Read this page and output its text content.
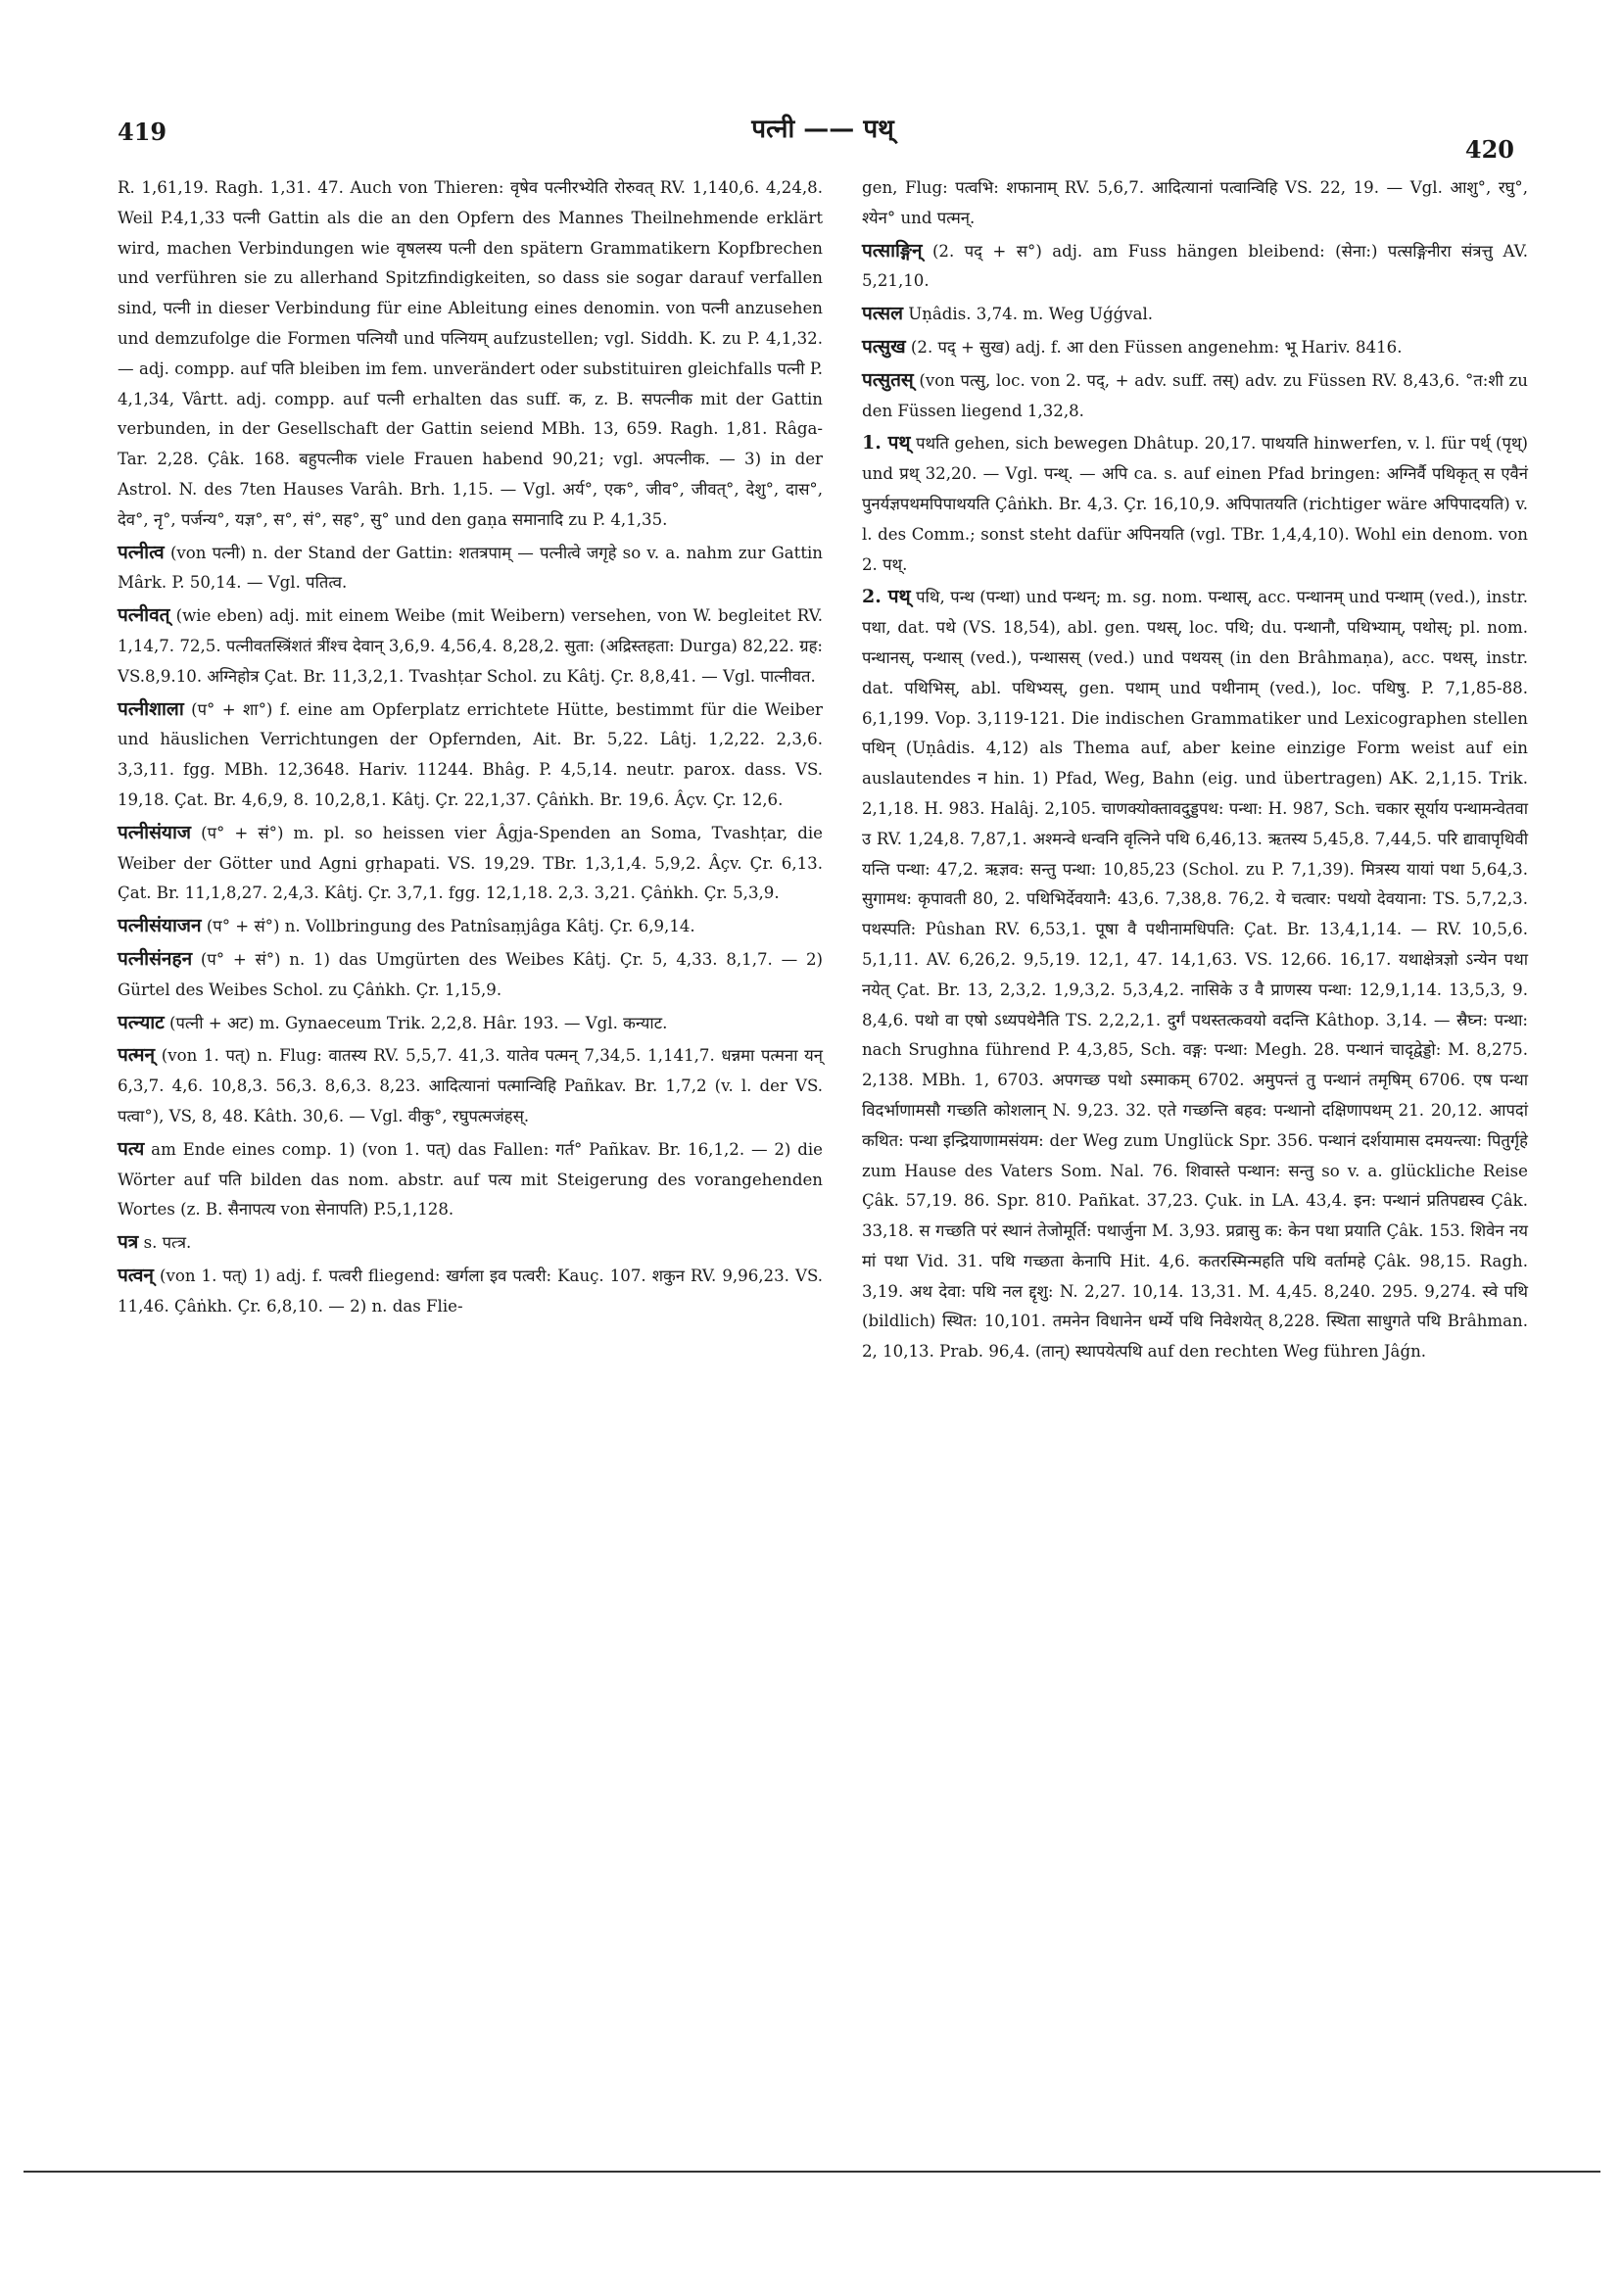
419	पत्नी —— पथ्
420

R. 1,61,19. Ragh. 1,31. 47. Auch von Thieren: वृषेव पत्नीरभ्येति रोरुवत् RV. 1,140,6. 4,24,8. Weil P.4,1,33 पत्नी Gattin als die an den Opfern des Mannes Theilnehmende erklärt wird, machen Verbindungen wie वृषलस्य पत्नी den spätern Grammatikern Kopfbrechen und verführen sie zu allerhand Spitzfindigkeiten, so dass sie sogar darauf verfallen sind, पत्नी in dieser Verbindung für eine Ableitung eines denomin. von पत्नी anzusehen und demzufolge die Formen पत्नियौ und पत्नियम् aufzustellen; vgl. Siddh. K. zu P. 4,1,32. — adj. compp. auf पति bleiben im fem. unverändert oder substituiren gleichfalls पत्नी P. 4,1,34, Vârtt. adj. compp. auf पत्नी erhalten das suff. क, z. B. सपत्नीक mit der Gattin verbunden, in der Gesellschaft der Gattin seiend MBh. 13, 659. Ragh. 1,81. Râga-Tar. 2,28. Çâk. 168. बहुपत्नीक viele Frauen habend 90,21; vgl. अपत्नीक. — 3) in der Astrol. N. des 7ten Hauses Varâh. Brh. 1,15. — Vgl. अर्य°, एक°, जीव°, जीवत्°, देशु°, दास°, देव°, नृ°, पर्जन्य°, यज्ञ°, स°, सं°, सह°, सु° und den gaṇa समानादि zu P. 4,1,35.

पत्नीत्व (von पत्नी) n. der Stand der Gattin: शतत्रपाम् — पत्नीत्वे जगृहे so v. a. nahm zur Gattin Mârk. P. 50,14. — Vgl. पतित्व.

पत्नीवत् (wie eben) adj. mit einem Weibe (mit Weibern) versehen, von W. begleitet RV. 1,14,7. 72,5. पत्नीवतस्त्रिंशतं त्रींश्च देवान् 3,6,9. 4,56,4. 8,28,2. सुता: (अद्रिस्तहता: Durga) 82,22. ग्रह: VS.8,9.10. अग्निहोत्र Çat. Br. 11,3,2,1. Tvashṭar Schol. zu Kâtj. Çr. 8,8,41. — Vgl. पात्नीवत.

पत्नीशाला (प° + शा°) f. eine am Opferplatz errichtete Hütte, bestimmt für die Weiber und häuslichen Verrichtungen der Opfernden, Ait. Br. 5,22. Lâtj. 1,2,22. 2,3,6. 3,3,11. fgg. MBh. 12,3648. Hariv. 11244. Bhâg. P. 4,5,14. neutr. parox. dass. VS. 19,18. Çat. Br. 4,6,9, 8. 10,2,8,1. Kâtj. Çr. 22,1,37. Çâṅkh. Br. 19,6. Âçv. Çr. 12,6.

पत्नीसंयाज (प° + सं°) m. pl. so heissen vier Âgja-Spenden an Soma, Tvashṭar, die Weiber der Götter und Agni gṛhapati. VS. 19,29. TBr. 1,3,1,4. 5,9,2. Âçv. Çr. 6,13. Çat. Br. 11,1,8,27. 2,4,3. Kâtj. Çr. 3,7,1. fgg. 12,1,18. 2,3. 3,21. Çâṅkh. Çr. 5,3,9.

पत्नीसंयाजन (प° + सं°) n. Vollbringung des Patnîsaṃjâga Kâtj. Çr. 6,9,14.

पत्नीसंनहन (प° + सं°) n. 1) das Umgürten des Weibes Kâtj. Çr. 5, 4,33. 8,1,7. — 2) Gürtel des Weibes Schol. zu Çâṅkh. Çr. 1,15,9.

पत्न्याट (पत्नी + अट) m. Gynaeceum Trik. 2,2,8. Hâr. 193. — Vgl. कन्याट.

पत्मन् (von 1. पत्) n. Flug: वातस्य RV. 5,5,7. 41,3. यातेव पत्मन् 7,34,5. 1,141,7. धन्नमा पत्मना यन् 6,3,7. 4,6. 10,8,3. 56,3. 8,6,3. 8,23. आदित्यानां पत्मान्विहि Pañkav. Br. 1,7,2 (v. l. der VS. पत्वा°), VS, 8, 48. Kâth. 30,6. — Vgl. वीकु°, रघुपत्मजंहस्.

पत्य am Ende eines comp. 1) (von 1. पत्) das Fallen: गर्त° Pañkav. Br. 16,1,2. — 2) die Wörter auf पति bilden das nom. abstr. auf पत्य mit Steigerung des vorangehenden Wortes (z. B. सैनापत्य von सेनापति) P.5,1,128.

पत्र s. पत्त्र.

पत्वन् (von 1. पत्) 1) adj. f. पत्वरी fliegend: खर्गला इव पत्वरी: Kauç. 107. शकुन RV. 9,96,23. VS. 11,46. Çâṅkh. Çr. 6,8,10. — 2) n. das Flie-

gen, Flug: पत्वभि: शफानाम् RV. 5,6,7. आदित्यानां पत्वान्विहि VS. 22, 19. — Vgl. आशु°, रघु°, श्येन° und पत्मन्.

पत्साङ्गिन् (2. पद् + स°) adj. am Fuss hängen bleibend: (सेना:) पत्सङ्गिनीरा संत्रत्तु AV. 5,21,10.

पत्सल Uṇâdis. 3,74. m. Weg Uǵǵval.

पत्सुख (2. पद् + सुख) adj. f. आ den Füssen angenehm: भू Hariv. 8416.

पत्सुतस् (von पत्सु, loc. von 2. पद्, + adv. suff. तस्) adv. zu Füssen RV. 8,43,6. °त:शी zu den Füssen liegend 1,32,8.

1. पथ् पथति gehen, sich bewegen Dhâtup. 20,17. पाथयति hinwerfen, v. l. für पर्थ् (पृथ्) und प्रथ् 32,20. — Vgl. पन्थ्. — अपि ca. s. auf einen Pfad bringen: अग्निर्वै पथिकृत् स एवैनं पुनर्यज्ञपथमपिपाथयति Çâṅkh. Br. 4,3. Çr. 16,10,9. अपिपातयति (richtiger wäre अपिपादयति) v. l. des Comm.; sonst steht dafür अपिनयति (vgl. TBr. 1,4,4,10). Wohl ein denom. von 2. पथ्.

2. पथ् पथि, पन्थ (पन्था) und पन्थन्; m. sg. nom. पन्थास्, acc. पन्थानम् und पन्थाम् (ved.), instr. पथा, dat. पथे (VS. 18,54), abl. gen. पथस्, loc. पथि; du. पन्थानौ, पथिभ्याम्, पथोस्; pl. nom. पन्थानस्, पन्थास् (ved.), पन्थासस् (ved.) und पथयस् (in den Brâhmaṇa), acc. पथस्, instr. dat. पथिभिस्, abl. पथिभ्यस्, gen. पथाम् und पथीनाम् (ved.), loc. पथिषु. P. 7,1,85-88. 6,1,199. Vop. 3,119-121. Die indischen Grammatiker und Lexicographen stellen पथिन् (Uṇâdis. 4,12) als Thema auf, aber keine einzige Form weist auf ein auslautendes न hin. 1) Pfad, Weg, Bahn (eig. und übertragen) AK. 2,1,15. Trik. 2,1,18. H. 983. Halâj. 2,105. चाणक्योक्तावदुड्डपथ: पन्था: H. 987, Sch. चकार सूर्याय पन्थामन्वेतवा उ RV. 1,24,8. 7,87,1. अश्मन्वे धन्वनि वृत्निने पथि 6,46,13. ऋतस्य 5,45,8. 7,44,5. परि द्यावापृथिवी यन्ति पन्था: 47,2. ऋज्ञव: सन्तु पन्था: 10,85,23 (Schol. zu P. 7,1,39). मित्रस्य यायां पथा 5,64,3. सुगामथ: कृपावती 80, 2. पथिभिर्देवयानै: 43,6. 7,38,8. 76,2. ये चत्वार: पथयो देवयाना: TS. 5,7,2,3. पथस्पति: Pûshan RV. 6,53,1. पूषा वै पथीनामधिपति: Çat. Br. 13,4,1,14. — RV. 10,5,6. 5,1,11. AV. 6,26,2. 9,5,19. 12,1, 47. 14,1,63. VS. 12,66. 16,17. यथाक्षेत्रज्ञो ऽन्येन पथा नयेत् Çat. Br. 13, 2,3,2. 1,9,3,2. 5,3,4,2. नासिके उ वै प्राणस्य पन्था: 12,9,1,14. 13,5,3, 9. 8,4,6. पथो वा एषो ऽध्यपथेनैति TS. 2,2,2,1. दुर्गं पथस्तत्कवयो वदन्ति Kâthop. 3,14. — स्रैघ्न: पन्था: nach Srughna führend P. 4,3,85, Sch. वङ्ग: पन्था: Megh. 28. पन्थानं चादृद्वेड्डो: M. 8,275. 2,138. MBh. 1, 6703. अपगच्छ पथो ऽस्माकम् 6702. अमुपन्तं तु पन्थानं तमृषिम् 6706. एष पन्था विदर्भाणामसौ गच्छति कोशलान् N. 9,23. 32. एते गच्छन्ति बहव: पन्थानो दक्षिणापथम् 21. 20,12. आपदां कथित: पन्था इन्द्रियाणामसंयम: der Weg zum Unglück Spr. 356. पन्थानं दर्शयामास दमयन्त्या: पितुर्गृहे zum Hause des Vaters Som. Nal. 76. शिवास्ते पन्थान: सन्तु so v. a. glückliche Reise Çâk. 57,19. 86. Spr. 810. Pañkat. 37,23. Çuk. in LA. 43,4. इन: पन्थानं प्रतिपद्यस्व Çâk. 33,18. स गच्छति परं स्थानं तेजोमूर्ति: पथार्जुना M. 3,93. प्रव्रासु क: केन पथा प्रयाति Çâk. 153. शिवेन नय मां पथा Vid. 31. पथि गच्छता केनापि Hit. 4,6. कतरस्मिन्महति पथि वर्तामहे Çâk. 98,15. Ragh. 3,19. अथ देवा: पथि नल द्दृशु: N. 2,27. 10,14. 13,31. M. 4,45. 8,240. 295. 9,274. स्वे पथि (bildlich) स्थित: 10,101. तमनेन विधानेन धर्म्ये पथि निवेशयेत् 8,228. स्थिता साधुगते पथि Brâhman. 2, 10,13. Prab. 96,4. (तान्) स्थापयेत्पथि auf den rechten Weg führen Jâǵn.
